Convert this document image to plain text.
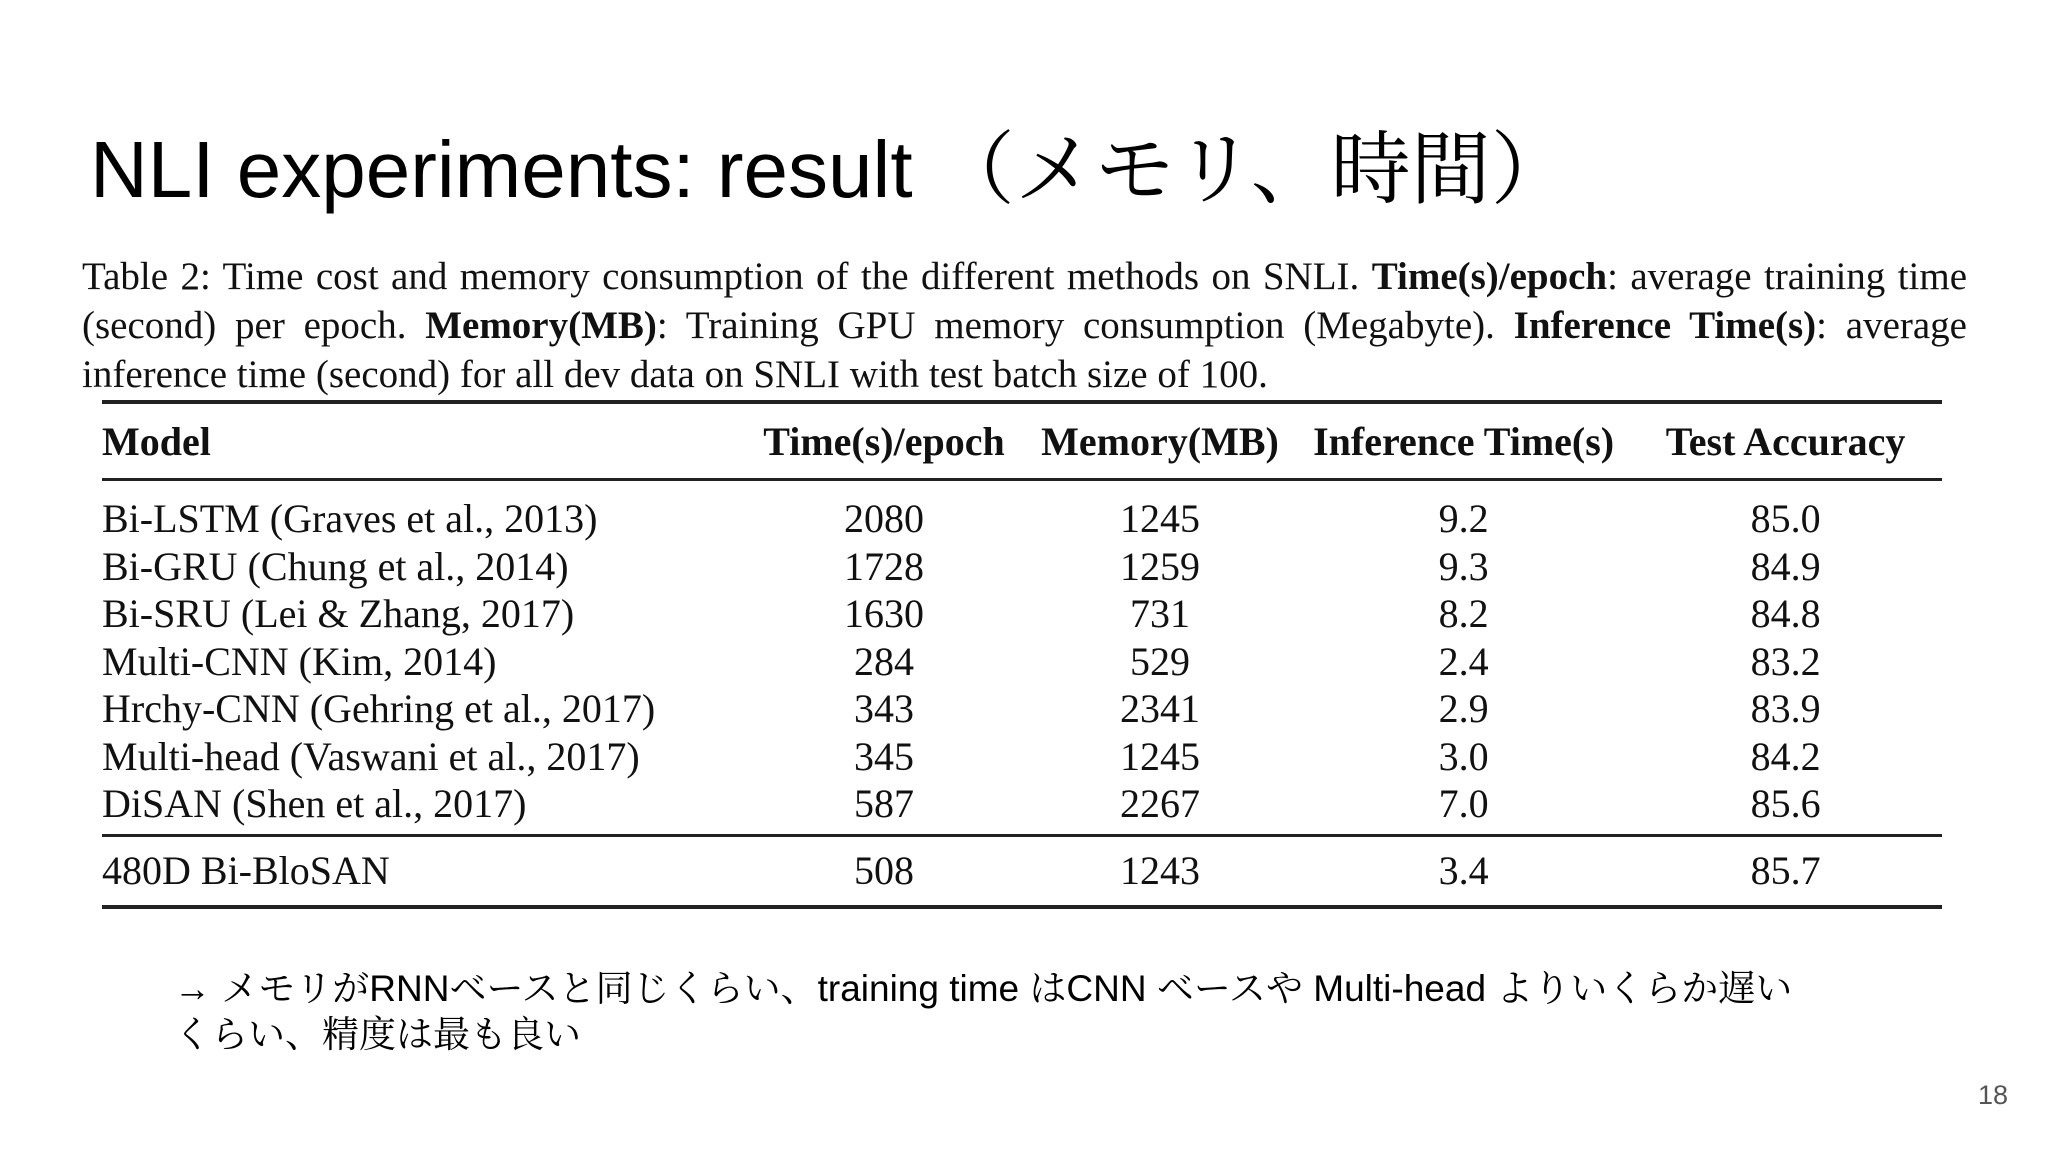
NLI experiments: result （メモリ、時間）
Table 2: Time cost and memory consumption of the different methods on SNLI. Time(s)/epoch: average training time (second) per epoch. Memory(MB): Training GPU memory consumption (Megabyte). Inference Time(s): average inference time (second) for all dev data on SNLI with test batch size of 100.
Model	Time(s)/epoch	Memory(MB)	Inference Time(s)	Test Accuracy
Bi-LSTM (Graves et al., 2013)	2080	1245	9.2	85.0
Bi-GRU (Chung et al., 2014)	1728	1259	9.3	84.9
Bi-SRU (Lei & Zhang, 2017)	1630	731	8.2	84.8
Multi-CNN (Kim, 2014)	284	529	2.4	83.2
Hrchy-CNN (Gehring et al., 2017)	343	2341	2.9	83.9
Multi-head (Vaswani et al., 2017)	345	1245	3.0	84.2
DiSAN (Shen et al., 2017)	587	2267	7.0	85.6
480D Bi-BloSAN	508	1243	3.4	85.7
→ メモリがRNNベースと同じくらい、training time はCNN ベースや Multi-head よりいくらか遅い
くらい、精度は最も良い
18
